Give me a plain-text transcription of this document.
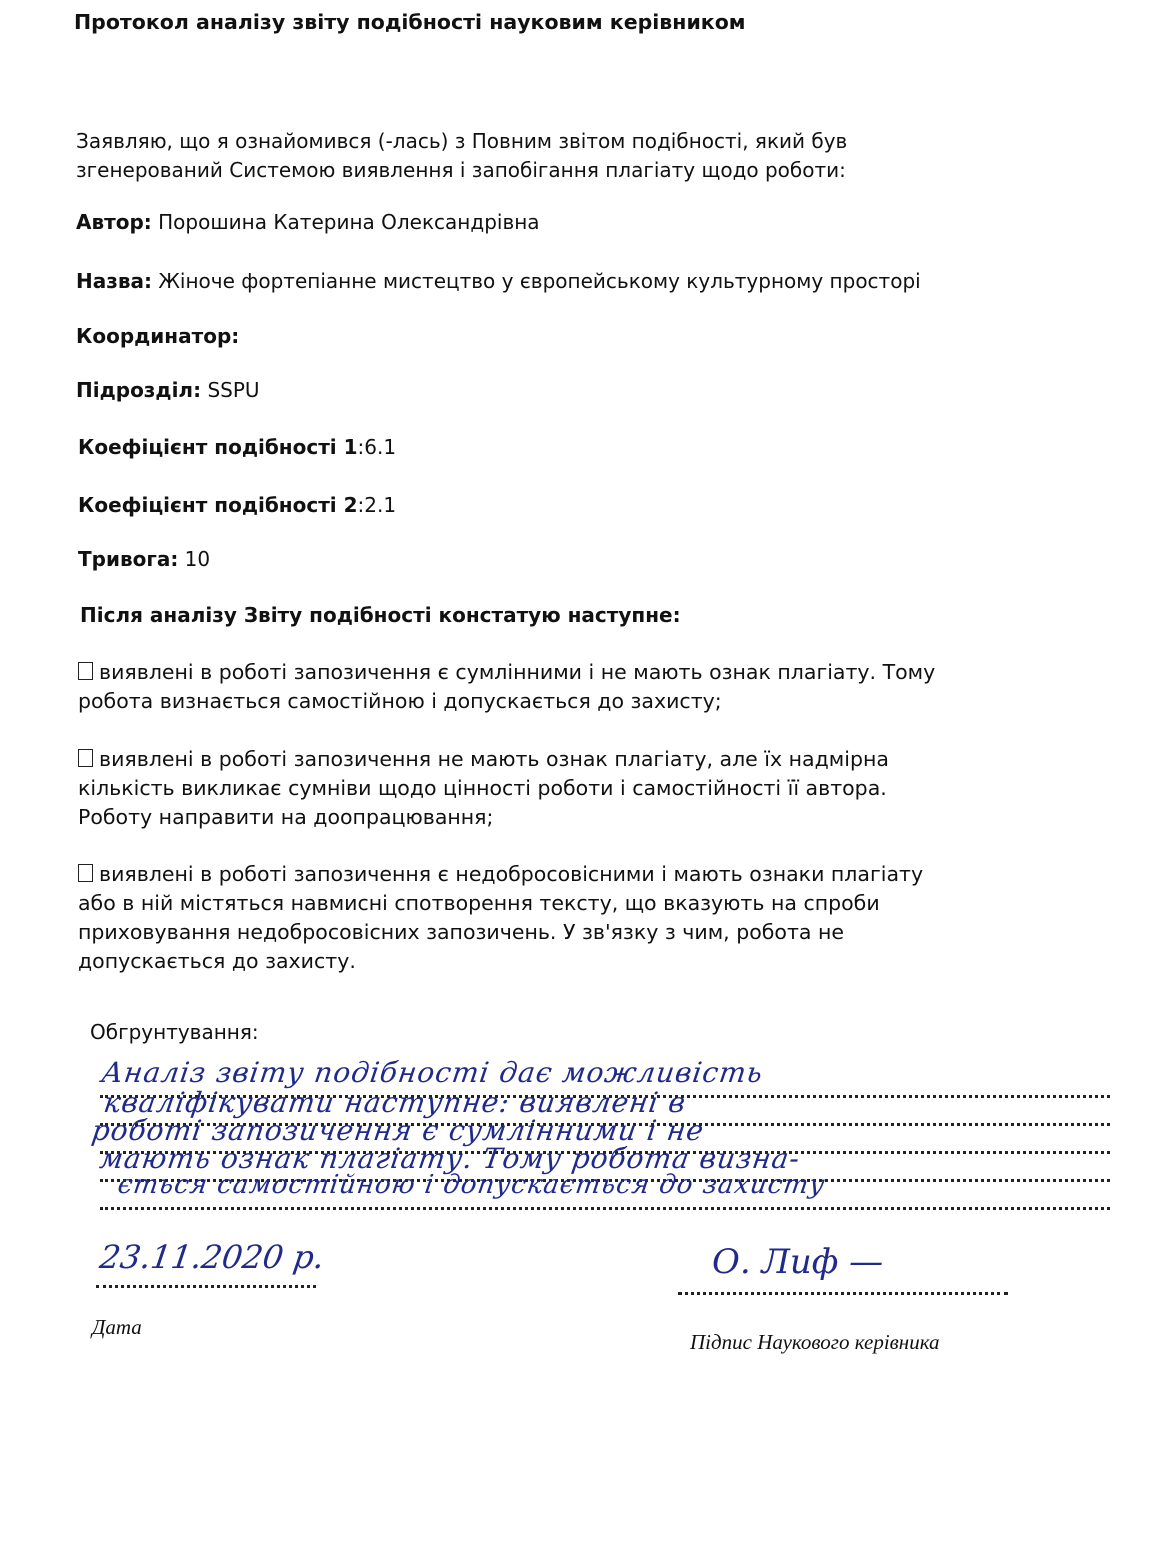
Протокол аналізу звіту подібності науковим керівником
Заявляю, що я ознайомився (-лась) з Повним звітом подібності, який був
згенерований Системою виявлення і запобігання плагіату щодо роботи:
Автор: Порошина Катерина Олександрівна
Назва: Жіноче фортепіанне мистецтво у європейському культурному просторі
Координатор:
Підрозділ: SSPU
Коефіцієнт подібності 1:6.1
Коефіцієнт подібності 2:2.1
Тривога: 10
Після аналізу Звіту подібності констатую наступне:
виявлені в роботі запозичення є сумлінними і не мають ознак плагіату. Тому
робота визнається самостійною і допускається до захисту;
виявлені в роботі запозичення не мають ознак плагіату, але їх надмірна
кількість викликає сумніви щодо цінності роботи і самостійності її автора.
Роботу направити на доопрацювання;
виявлені в роботі запозичення є недобросовісними і мають ознаки плагіату
або в ній містяться навмисні спотворення тексту, що вказують на спроби
приховування недобросовісних запозичень. У зв'язку з чим, робота не
допускається до захисту.
Обгрунтування:
Аналіз звіту подібності дає можливість
кваліфікувати наступне: виявлені в
роботі запозичення є сумлінними і не
мають ознак плагіату. Тому робота визна-
ється самостійною і допускається до захисту
23.11.2020 р.
Дата
О. Лиф —
Підпис Наукового керівника
